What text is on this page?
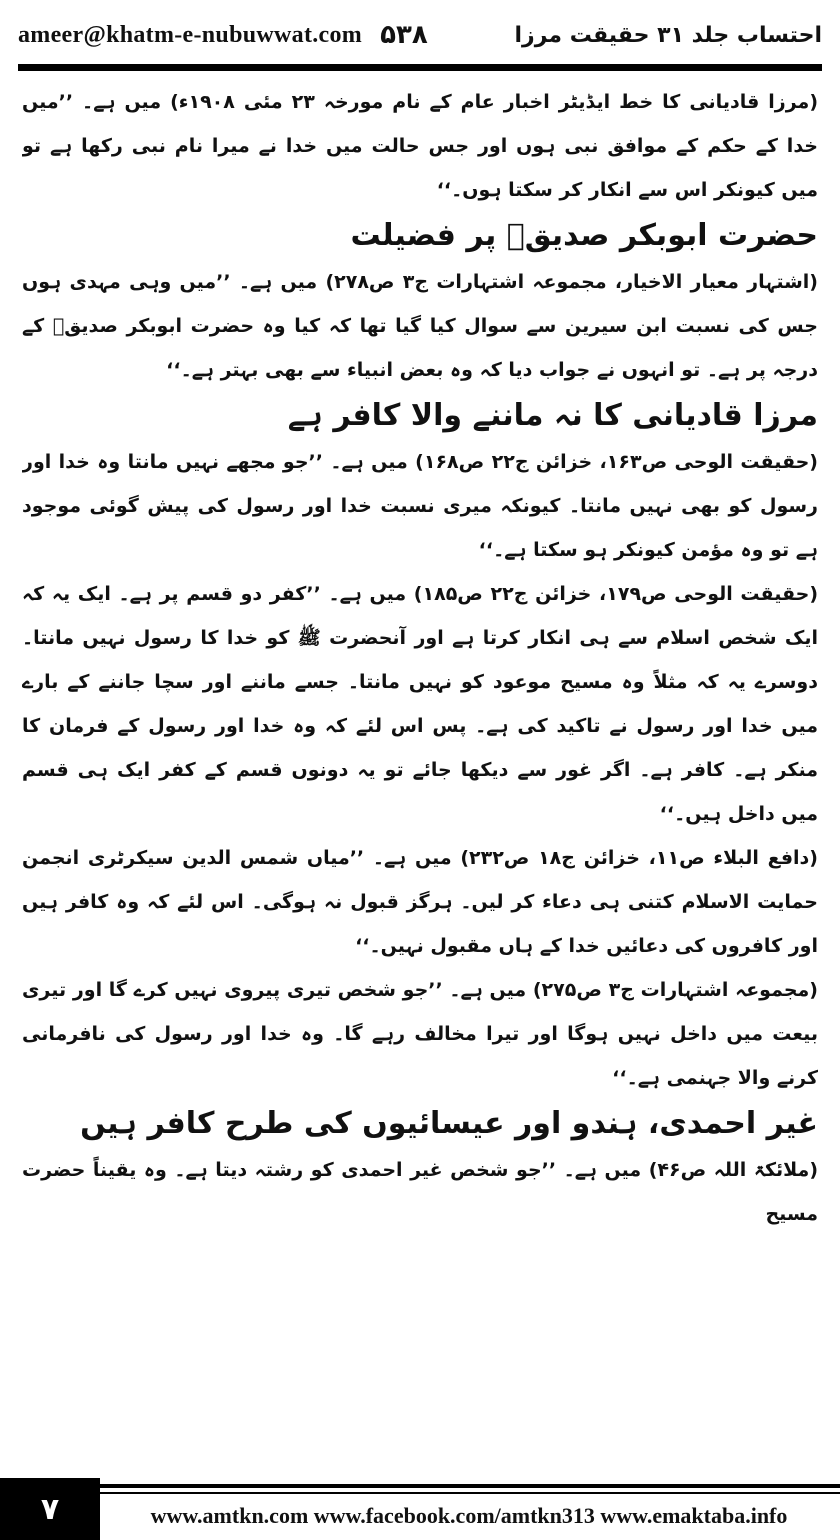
ameer@khatm-e-nubuwwat.com ۵۳۸	احتساب جلد ۳۱ حقیقت مرزا

(مرزا قادیانی کا خط ایڈیٹر اخبار عام کے نام مورخہ ۲۳ مئی ۱۹۰۸ء) میں ہے۔ ’’میں خدا کے حکم کے موافق نبی ہوں اور جس حالت میں خدا نے میرا نام نبی رکھا ہے تو میں کیونکر اس سے انکار کر سکتا ہوں۔‘‘

حضرت ابوبکر صدیقؓ پر فضیلت

(اشتہار معیار الاخیار، مجموعہ اشتہارات ج۳ ص۲۷۸) میں ہے۔ ’’میں وہی مہدی ہوں جس کی نسبت ابن سیرین سے سوال کیا گیا تھا کہ کیا وہ حضرت ابوبکر صدیقؓ کے درجہ پر ہے۔ تو انہوں نے جواب دیا کہ وہ بعض انبیاء سے بھی بہتر ہے۔‘‘

مرزا قادیانی کا نہ ماننے والا کافر ہے

(حقیقت الوحی ص۱۶۳، خزائن ج۲۲ ص۱۶۸) میں ہے۔ ’’جو مجھے نہیں مانتا وہ خدا اور رسول کو بھی نہیں مانتا۔ کیونکہ میری نسبت خدا اور رسول کی پیش گوئی موجود ہے تو وہ مؤمن کیونکر ہو سکتا ہے۔‘‘

(حقیقت الوحی ص۱۷۹، خزائن ج۲۲ ص۱۸۵) میں ہے۔ ’’کفر دو قسم پر ہے۔ ایک یہ کہ ایک شخص اسلام سے ہی انکار کرتا ہے اور آنحضرت ﷺ کو خدا کا رسول نہیں مانتا۔ دوسرے یہ کہ مثلاً وہ مسیح موعود کو نہیں مانتا۔ جسے ماننے اور سچا جاننے کے بارے میں خدا اور رسول نے تاکید کی ہے۔ پس اس لئے کہ وہ خدا اور رسول کے فرمان کا منکر ہے۔ کافر ہے۔ اگر غور سے دیکھا جائے تو یہ دونوں قسم کے کفر ایک ہی قسم میں داخل ہیں۔‘‘

(دافع البلاء ص۱۱، خزائن ج۱۸ ص۲۳۲) میں ہے۔ ’’میاں شمس الدین سیکرٹری انجمن حمایت الاسلام کتنی ہی دعاء کر لیں۔ ہرگز قبول نہ ہوگی۔ اس لئے کہ وہ کافر ہیں اور کافروں کی دعائیں خدا کے ہاں مقبول نہیں۔‘‘

(مجموعہ اشتہارات ج۳ ص۲۷۵) میں ہے۔ ’’جو شخص تیری پیروی نہیں کرے گا اور تیری بیعت میں داخل نہیں ہوگا اور تیرا مخالف رہے گا۔ وہ خدا اور رسول کی نافرمانی کرنے والا جہنمی ہے۔‘‘

غیر احمدی، ہندو اور عیسائیوں کی طرح کافر ہیں

(ملائکۃ اللہ ص۴۶) میں ہے۔ ’’جو شخص غیر احمدی کو رشتہ دیتا ہے۔ وہ یقیناً حضرت مسیح

۷	www.amtkn.com www.facebook.com/amtkn313 www.emaktaba.info
